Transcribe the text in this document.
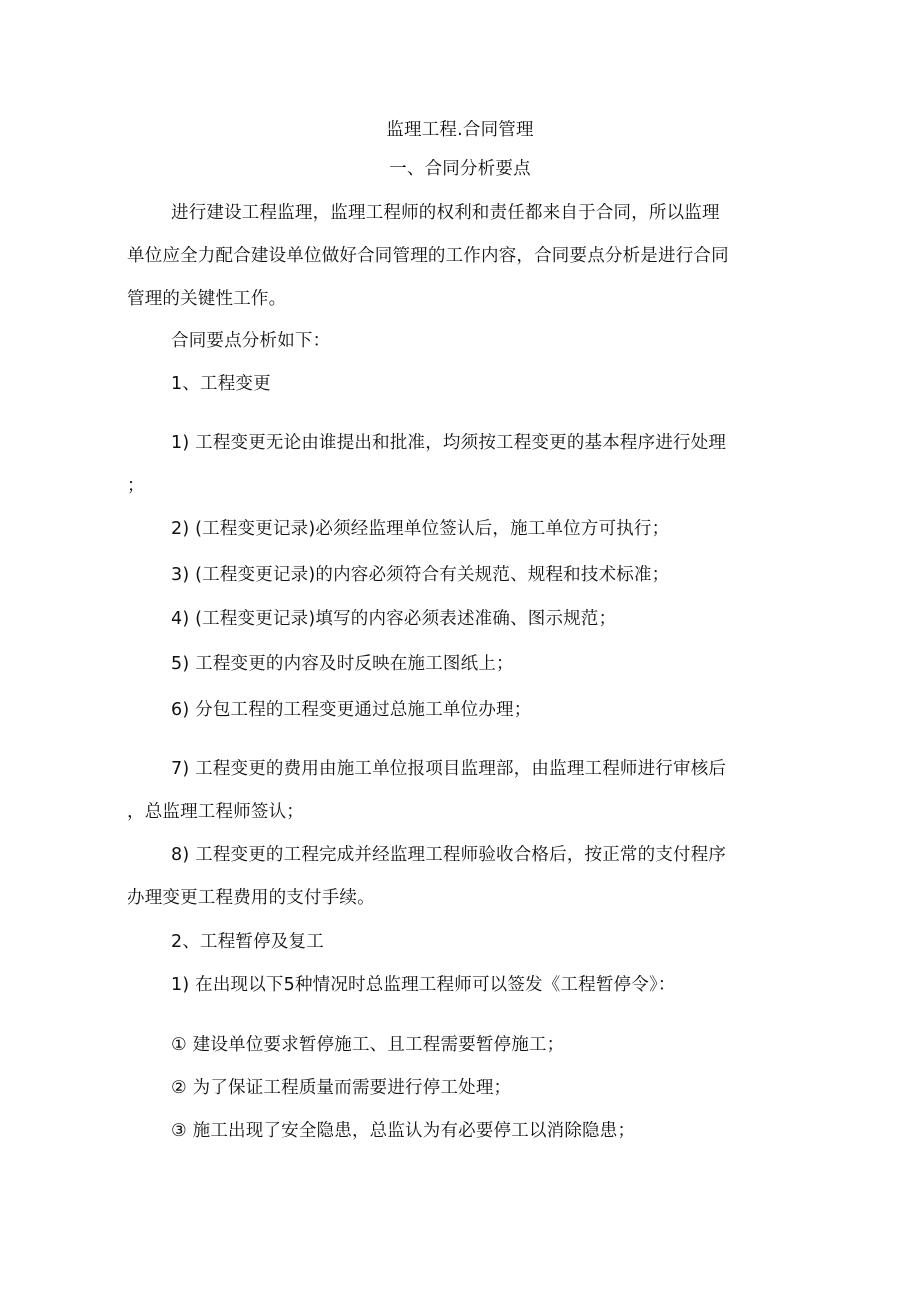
监理工程.合同管理
一、合同分析要点
进行建设工程监理，监理工程师的权利和责任都来自于合同，所以监理
单位应全力配合建设单位做好合同管理的工作内容，合同要点分析是进行合同
管理的关键性工作。
合同要点分析如下：
1、工程变更
1) 工程变更无论由谁提出和批准，均须按工程变更的基本程序进行处理
；
2) (工程变更记录)必须经监理单位签认后，施工单位方可执行；
3) (工程变更记录)的内容必须符合有关规范、规程和技术标准；
4) (工程变更记录)填写的内容必须表述准确、图示规范；
5) 工程变更的内容及时反映在施工图纸上；
6) 分包工程的工程变更通过总施工单位办理；
7) 工程变更的费用由施工单位报项目监理部，由监理工程师进行审核后
，总监理工程师签认；
8) 工程变更的工程完成并经监理工程师验收合格后，按正常的支付程序
办理变更工程费用的支付手续。
2、工程暂停及复工
1) 在出现以下5种情况时总监理工程师可以签发《工程暂停令》：
① 建设单位要求暂停施工、且工程需要暂停施工；
② 为了保证工程质量而需要进行停工处理；
③ 施工出现了安全隐患，总监认为有必要停工以消除隐患；
